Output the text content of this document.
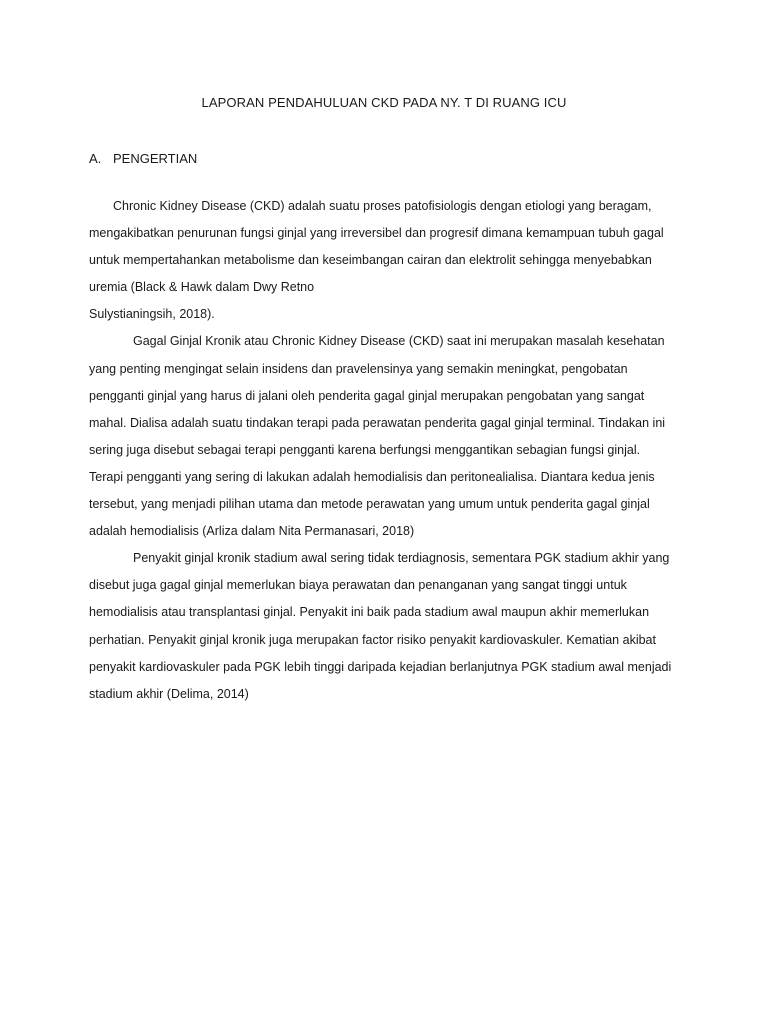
LAPORAN PENDAHULUAN CKD PADA NY. T DI RUANG ICU
A. PENGERTIAN
Chronic Kidney Disease (CKD) adalah suatu proses patofisiologis dengan etiologi yang beragam,
mengakibatkan penurunan fungsi ginjal yang irreversibel dan progresif dimana kemampuan tubuh gagal
untuk mempertahankan metabolisme dan keseimbangan cairan dan elektrolit sehingga menyebabkan
uremia (Black & Hawk dalam Dwy Retno
Sulystianingsih, 2018).
Gagal Ginjal Kronik atau Chronic Kidney Disease (CKD) saat ini merupakan masalah kesehatan
yang penting mengingat selain insidens dan pravelensinya yang semakin meningkat, pengobatan
pengganti ginjal yang harus di jalani oleh penderita gagal ginjal merupakan pengobatan yang sangat
mahal. Dialisa adalah suatu tindakan terapi pada perawatan penderita gagal ginjal terminal. Tindakan ini
sering juga disebut sebagai terapi pengganti karena berfungsi menggantikan sebagian fungsi ginjal.
Terapi pengganti yang sering di lakukan adalah hemodialisis dan peritonealialisa. Diantara kedua jenis
tersebut, yang menjadi pilihan utama dan metode perawatan yang umum untuk penderita gagal ginjal
adalah hemodialisis (Arliza dalam Nita Permanasari, 2018)
Penyakit ginjal kronik stadium awal sering tidak terdiagnosis, sementara PGK stadium akhir yang
disebut juga gagal ginjal memerlukan biaya perawatan dan penanganan yang sangat tinggi untuk
hemodialisis atau transplantasi ginjal. Penyakit ini baik pada stadium awal maupun akhir memerlukan
perhatian. Penyakit ginjal kronik juga merupakan factor risiko penyakit kardiovaskuler. Kematian akibat
penyakit kardiovaskuler pada PGK lebih tinggi daripada kejadian berlanjutnya PGK stadium awal menjadi
stadium akhir (Delima, 2014)
